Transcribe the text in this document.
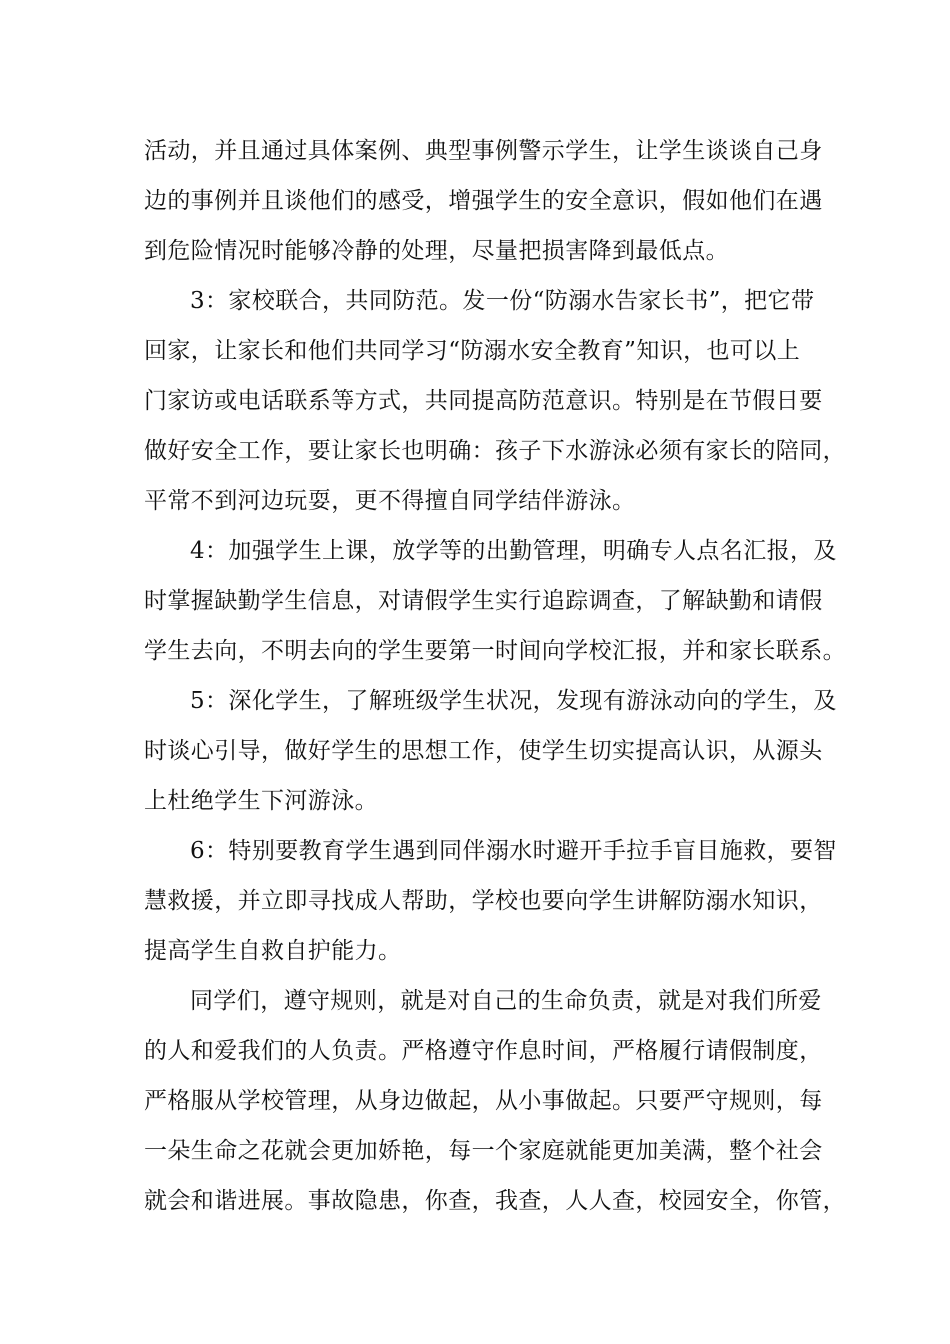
活动，并且通过具体案例、典型事例警示学生，让学生谈谈自己身
边的事例并且谈他们的感受，增强学生的安全意识，假如他们在遇
到危险情况时能够冷静的处理，尽量把损害降到最低点。
3：家校联合，共同防范。发一份“防溺水告家长书”，把它带
回家，让家长和他们共同学习“防溺水安全教育”知识，也可以上
门家访或电话联系等方式，共同提高防范意识。特别是在节假日要
做好安全工作，要让家长也明确：孩子下水游泳必须有家长的陪同，
平常不到河边玩耍，更不得擅自同学结伴游泳。
4：加强学生上课，放学等的出勤管理，明确专人点名汇报，及
时掌握缺勤学生信息，对请假学生实行追踪调查，了解缺勤和请假
学生去向，不明去向的学生要第一时间向学校汇报，并和家长联系。
5：深化学生，了解班级学生状况，发现有游泳动向的学生，及
时谈心引导，做好学生的思想工作，使学生切实提高认识，从源头
上杜绝学生下河游泳。
6：特别要教育学生遇到同伴溺水时避开手拉手盲目施救，要智
慧救援，并立即寻找成人帮助，学校也要向学生讲解防溺水知识，
提高学生自救自护能力。
同学们，遵守规则，就是对自己的生命负责，就是对我们所爱
的人和爱我们的人负责。严格遵守作息时间，严格履行请假制度，
严格服从学校管理，从身边做起，从小事做起。只要严守规则，每
一朵生命之花就会更加娇艳，每一个家庭就能更加美满，整个社会
就会和谐进展。事故隐患，你查，我查，人人查，校园安全，你管，
